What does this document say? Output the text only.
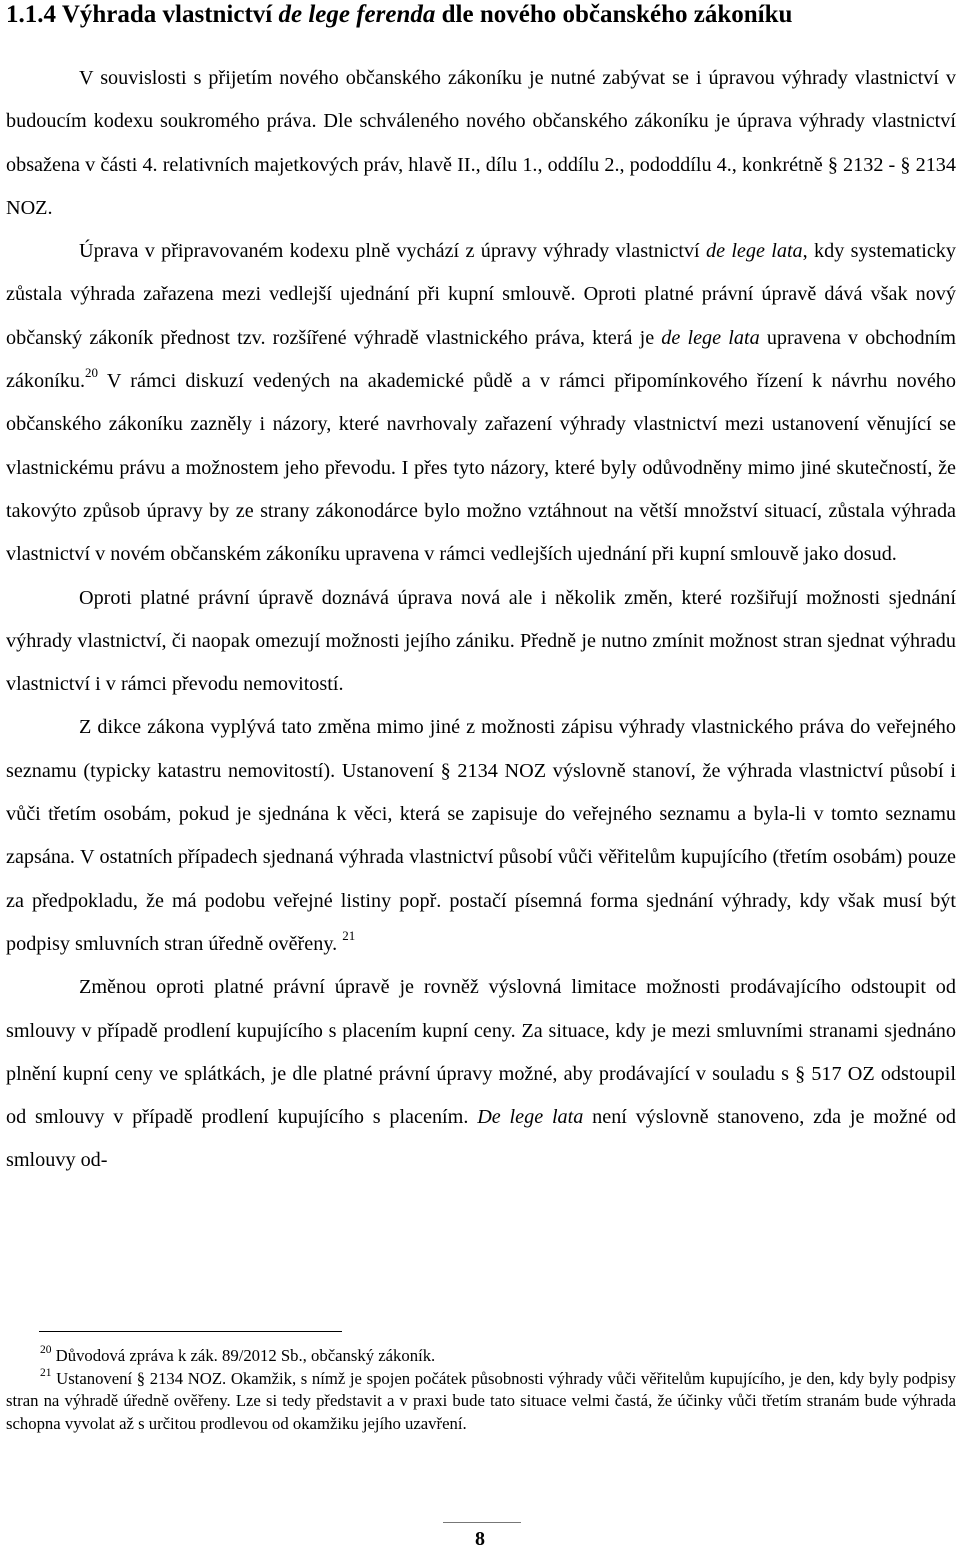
1.1.4 Výhrada vlastnictví de lege ferenda dle nového občanského zákoníku

V souvislosti s přijetím nového občanského zákoníku je nutné zabývat se i úpravou výhrady vlastnictví v budoucím kodexu soukromého práva. Dle schváleného nového občanského zákoníku je úprava výhrady vlastnictví obsažena v části 4. relativních majetkových práv, hlavě II., dílu 1., oddílu 2., pododdílu 4., konkrétně § 2132 - § 2134 NOZ.

Úprava v připravovaném kodexu plně vychází z úpravy výhrady vlastnictví de lege lata, kdy systematicky zůstala výhrada zařazena mezi vedlejší ujednání při kupní smlouvě. Oproti platné právní úpravě dává však nový občanský zákoník přednost tzv. rozšířené výhradě vlastnického práva, která je de lege lata upravena v obchodním zákoníku.$^{20}$ V rámci diskuzí vedených na akademické půdě a v rámci připomínkového řízení k návrhu nového občanského zákoníku zazněly i názory, které navrhovaly zařazení výhrady vlastnictví mezi ustanovení věnující se vlastnickému právu a možnostem jeho převodu. I přes tyto názory, které byly odůvodněny mimo jiné skutečností, že takovýto způsob úpravy by ze strany zákonodárce bylo možno vztáhnout na větší množství situací, zůstala výhrada vlastnictví v novém občanském zákoníku upravena v rámci vedlejších ujednání při kupní smlouvě jako dosud.

Oproti platné právní úpravě doznává úprava nová ale i několik změn, které rozšiřují možnosti sjednání výhrady vlastnictví, či naopak omezují možnosti jejího zániku. Předně je nutno zmínit možnost stran sjednat výhradu vlastnictví i v rámci převodu nemovitostí.

Z dikce zákona vyplývá tato změna mimo jiné z možnosti zápisu výhrady vlastnického práva do veřejného seznamu (typicky katastru nemovitostí). Ustanovení § 2134 NOZ výslovně stanoví, že výhrada vlastnictví působí i vůči třetím osobám, pokud je sjednána k věci, která se zapisuje do veřejného seznamu a byla-li v tomto seznamu zapsána. V ostatních případech sjednaná výhrada vlastnictví působí vůči věřitelům kupujícího (třetím osobám) pouze za předpokladu, že má podobu veřejné listiny popř. postačí písemná forma sjednání výhrady, kdy však musí být podpisy smluvních stran úředně ověřeny. $^{21}$

Změnou oproti platné právní úpravě je rovněž výslovná limitace možnosti prodávajícího odstoupit od smlouvy v případě prodlení kupujícího s placením kupní ceny. Za situace, kdy je mezi smluvními stranami sjednáno plnění kupní ceny ve splátkách, je dle platné právní úpravy možné, aby prodávající v souladu s § 517 OZ odstoupil od smlouvy v případě prodlení kupujícího s placením. De lege lata není výslovně stanoveno, zda je možné od smlouvy od-

$^{20}$ Důvodová zpráva k zák. 89/2012 Sb., občanský zákoník.

$^{21}$ Ustanovení § 2134 NOZ. Okamžik, s nímž je spojen počátek působnosti výhrady vůči věřitelům kupujícího, je den, kdy byly podpisy stran na výhradě úředně ověřeny. Lze si tedy představit a v praxi bude tato situace velmi častá, že účinky vůči třetím stranám bude výhrada schopna vyvolat až s určitou prodlevou od okamžiku jejího uzavření.

8
